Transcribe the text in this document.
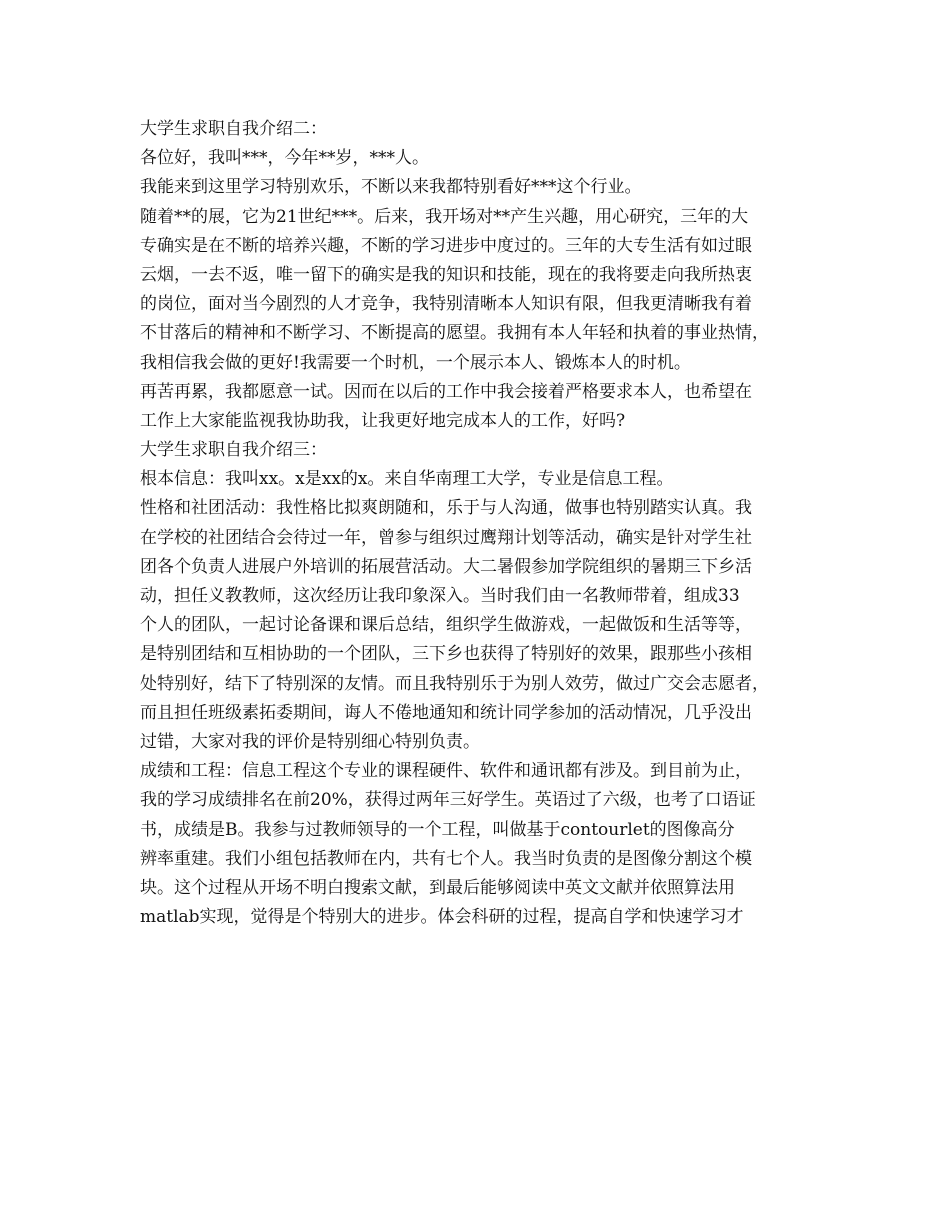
大学生求职自我介绍二：
各位好，我叫***，今年**岁，***人。
我能来到这里学习特别欢乐，不断以来我都特别看好***这个行业。
随着**的展，它为21世纪***。后来，我开场对**产生兴趣，用心研究，三年的大
专确实是在不断的培养兴趣，不断的学习进步中度过的。三年的大专生活有如过眼
云烟，一去不返，唯一留下的确实是我的知识和技能，现在的我将要走向我所热衷
的岗位，面对当今剧烈的人才竞争，我特别清晰本人知识有限，但我更清晰我有着
不甘落后的精神和不断学习、不断提高的愿望。我拥有本人年轻和执着的事业热情，
我相信我会做的更好!我需要一个时机，一个展示本人、锻炼本人的时机。
再苦再累，我都愿意一试。因而在以后的工作中我会接着严格要求本人，也希望在
工作上大家能监视我协助我，让我更好地完成本人的工作，好吗?
大学生求职自我介绍三：
根本信息：我叫xx。x是xx的x。来自华南理工大学，专业是信息工程。
性格和社团活动：我性格比拟爽朗随和，乐于与人沟通，做事也特别踏实认真。我
在学校的社团结合会待过一年，曾参与组织过鹰翔计划等活动，确实是针对学生社
团各个负责人进展户外培训的拓展营活动。大二暑假参加学院组织的暑期三下乡活
动，担任义教教师，这次经历让我印象深入。当时我们由一名教师带着，组成33
个人的团队，一起讨论备课和课后总结，组织学生做游戏，一起做饭和生活等等，
是特别团结和互相协助的一个团队，三下乡也获得了特别好的效果，跟那些小孩相
处特别好，结下了特别深的友情。而且我特别乐于为别人效劳，做过广交会志愿者，
而且担任班级素拓委期间，诲人不倦地通知和统计同学参加的活动情况，几乎没出
过错，大家对我的评价是特别细心特别负责。
成绩和工程：信息工程这个专业的课程硬件、软件和通讯都有涉及。到目前为止，
我的学习成绩排名在前20%，获得过两年三好学生。英语过了六级，也考了口语证
书，成绩是B。我参与过教师领导的一个工程，叫做基于contourlet的图像高分
辨率重建。我们小组包括教师在内，共有七个人。我当时负责的是图像分割这个模
块。这个过程从开场不明白搜索文献，到最后能够阅读中英文文献并依照算法用
matlab实现，觉得是个特别大的进步。体会科研的过程，提高自学和快速学习才
